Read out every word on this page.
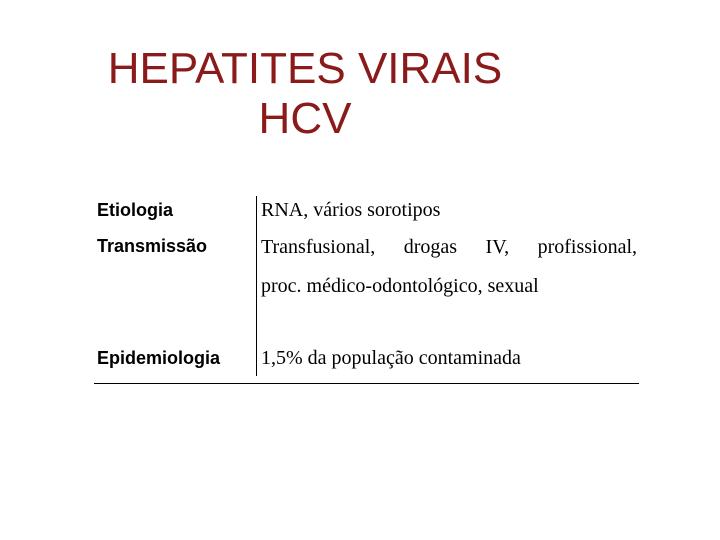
HEPATITES VIRAIS
HCV
Etiologia	RNA, vários sorotipos
Transmissão	Transfusional, drogas IV, profissional,
proc. médico-odontológico, sexual
Epidemiologia 1,5% da população contaminada
